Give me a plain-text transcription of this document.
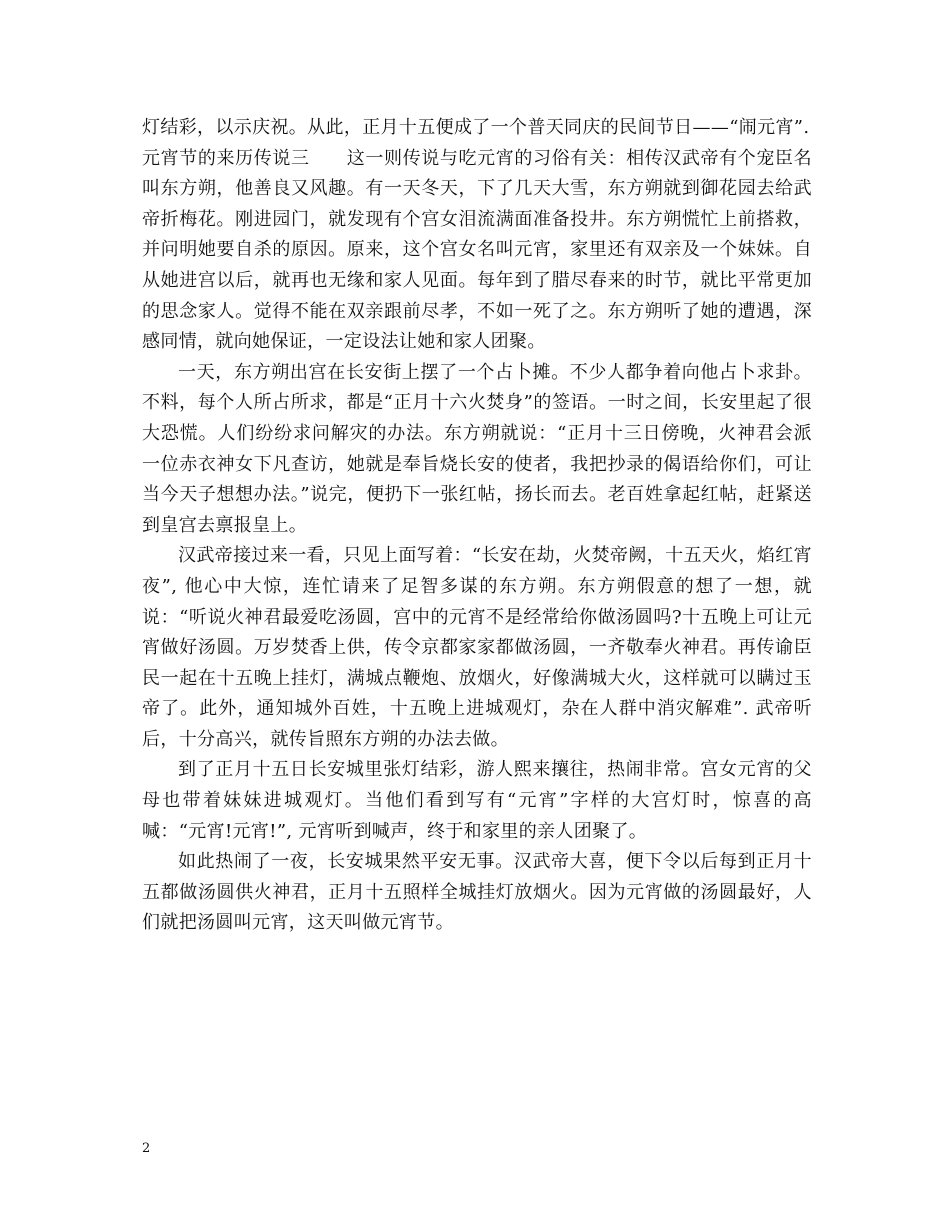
灯结彩，以示庆祝。从此，正月十五便成了一个普天同庆的民间节日——“闹元宵”.

元宵节的来历传说三　　这一则传说与吃元宵的习俗有关：相传汉武帝有个宠臣名叫东方朔，他善良又风趣。有一天冬天，下了几天大雪，东方朔就到御花园去给武帝折梅花。刚进园门，就发现有个宫女泪流满面准备投井。东方朔慌忙上前搭救，并问明她要自杀的原因。原来，这个宫女名叫元宵，家里还有双亲及一个妹妹。自从她进宫以后，就再也无缘和家人见面。每年到了腊尽春来的时节，就比平常更加的思念家人。觉得不能在双亲跟前尽孝，不如一死了之。东方朔听了她的遭遇，深感同情，就向她保证，一定设法让她和家人团聚。

一天，东方朔出宫在长安街上摆了一个占卜摊。不少人都争着向他占卜求卦。不料，每个人所占所求，都是“正月十六火焚身”的签语。一时之间，长安里起了很大恐慌。人们纷纷求问解灾的办法。东方朔就说：“正月十三日傍晚，火神君会派一位赤衣神女下凡查访，她就是奉旨烧长安的使者，我把抄录的偈语给你们，可让当今天子想想办法。”说完，便扔下一张红帖，扬长而去。老百姓拿起红帖，赶紧送到皇宫去禀报皇上。

汉武帝接过来一看，只见上面写着：“长安在劫，火焚帝阙，十五天火，焰红宵夜”, 他心中大惊，连忙请来了足智多谋的东方朔。东方朔假意的想了一想，就说：“听说火神君最爱吃汤圆，宫中的元宵不是经常给你做汤圆吗?十五晚上可让元宵做好汤圆。万岁焚香上供，传令京都家家都做汤圆，一齐敬奉火神君。再传谕臣民一起在十五晚上挂灯，满城点鞭炮、放烟火，好像满城大火，这样就可以瞒过玉帝了。此外，通知城外百姓，十五晚上进城观灯，杂在人群中消灾解难”. 武帝听后，十分高兴，就传旨照东方朔的办法去做。

到了正月十五日长安城里张灯结彩，游人熙来攘往，热闹非常。宫女元宵的父母也带着妹妹进城观灯。当他们看到写有“元宵”字样的大宫灯时，惊喜的高喊：“元宵!元宵!”, 元宵听到喊声，终于和家里的亲人团聚了。

如此热闹了一夜，长安城果然平安无事。汉武帝大喜，便下令以后每到正月十五都做汤圆供火神君，正月十五照样全城挂灯放烟火。因为元宵做的汤圆最好，人们就把汤圆叫元宵，这天叫做元宵节。

2
